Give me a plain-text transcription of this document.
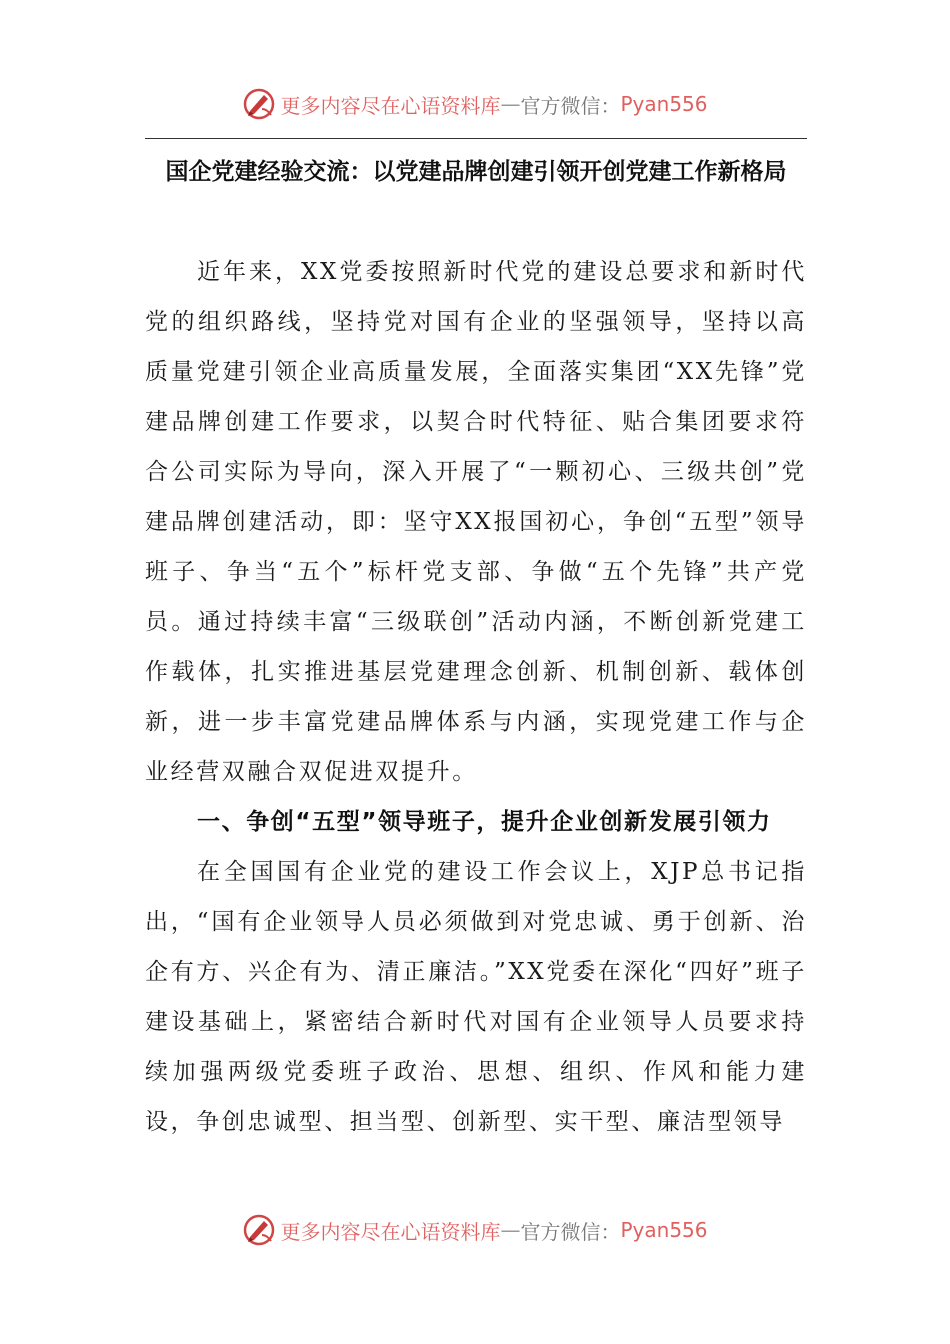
更多内容尽在心语资料库 — 官方微信： Pyan556
国企党建经验交流：以党建品牌创建引领开创党建工作新格局

近年来，XX党委按照新时代党的建设总要求和新时代党的组织路线，坚持党对国有企业的坚强领导，坚持以高质量党建引领企业高质量发展，全面落实集团“XX先锋”党建品牌创建工作要求，以契合时代特征、贴合集团要求符合公司实际为导向，深入开展了“一颗初心、三级共创”党建品牌创建活动，即：坚守XX报国初心，争创“五型”领导班子、争当“五个”标杆党支部、争做“五个先锋”共产党员。通过持续丰富“三级联创”活动内涵，不断创新党建工作载体，扎实推进基层党建理念创新、机制创新、载体创新，进一步丰富党建品牌体系与内涵，实现党建工作与企业经营双融合双促进双提升。

一、争创“五型”领导班子，提升企业创新发展引领力

在全国国有企业党的建设工作会议上，XJP总书记指出，“国有企业领导人员必须做到对党忠诚、勇于创新、治企有方、兴企有为、清正廉洁。”XX党委在深化“四好”班子建设基础上，紧密结合新时代对国有企业领导人员要求持续加强两级党委班子政治、思想、组织、作风和能力建设，争创忠诚型、担当型、创新型、实干型、廉洁型领导

更多内容尽在心语资料库 — 官方微信： Pyan556
